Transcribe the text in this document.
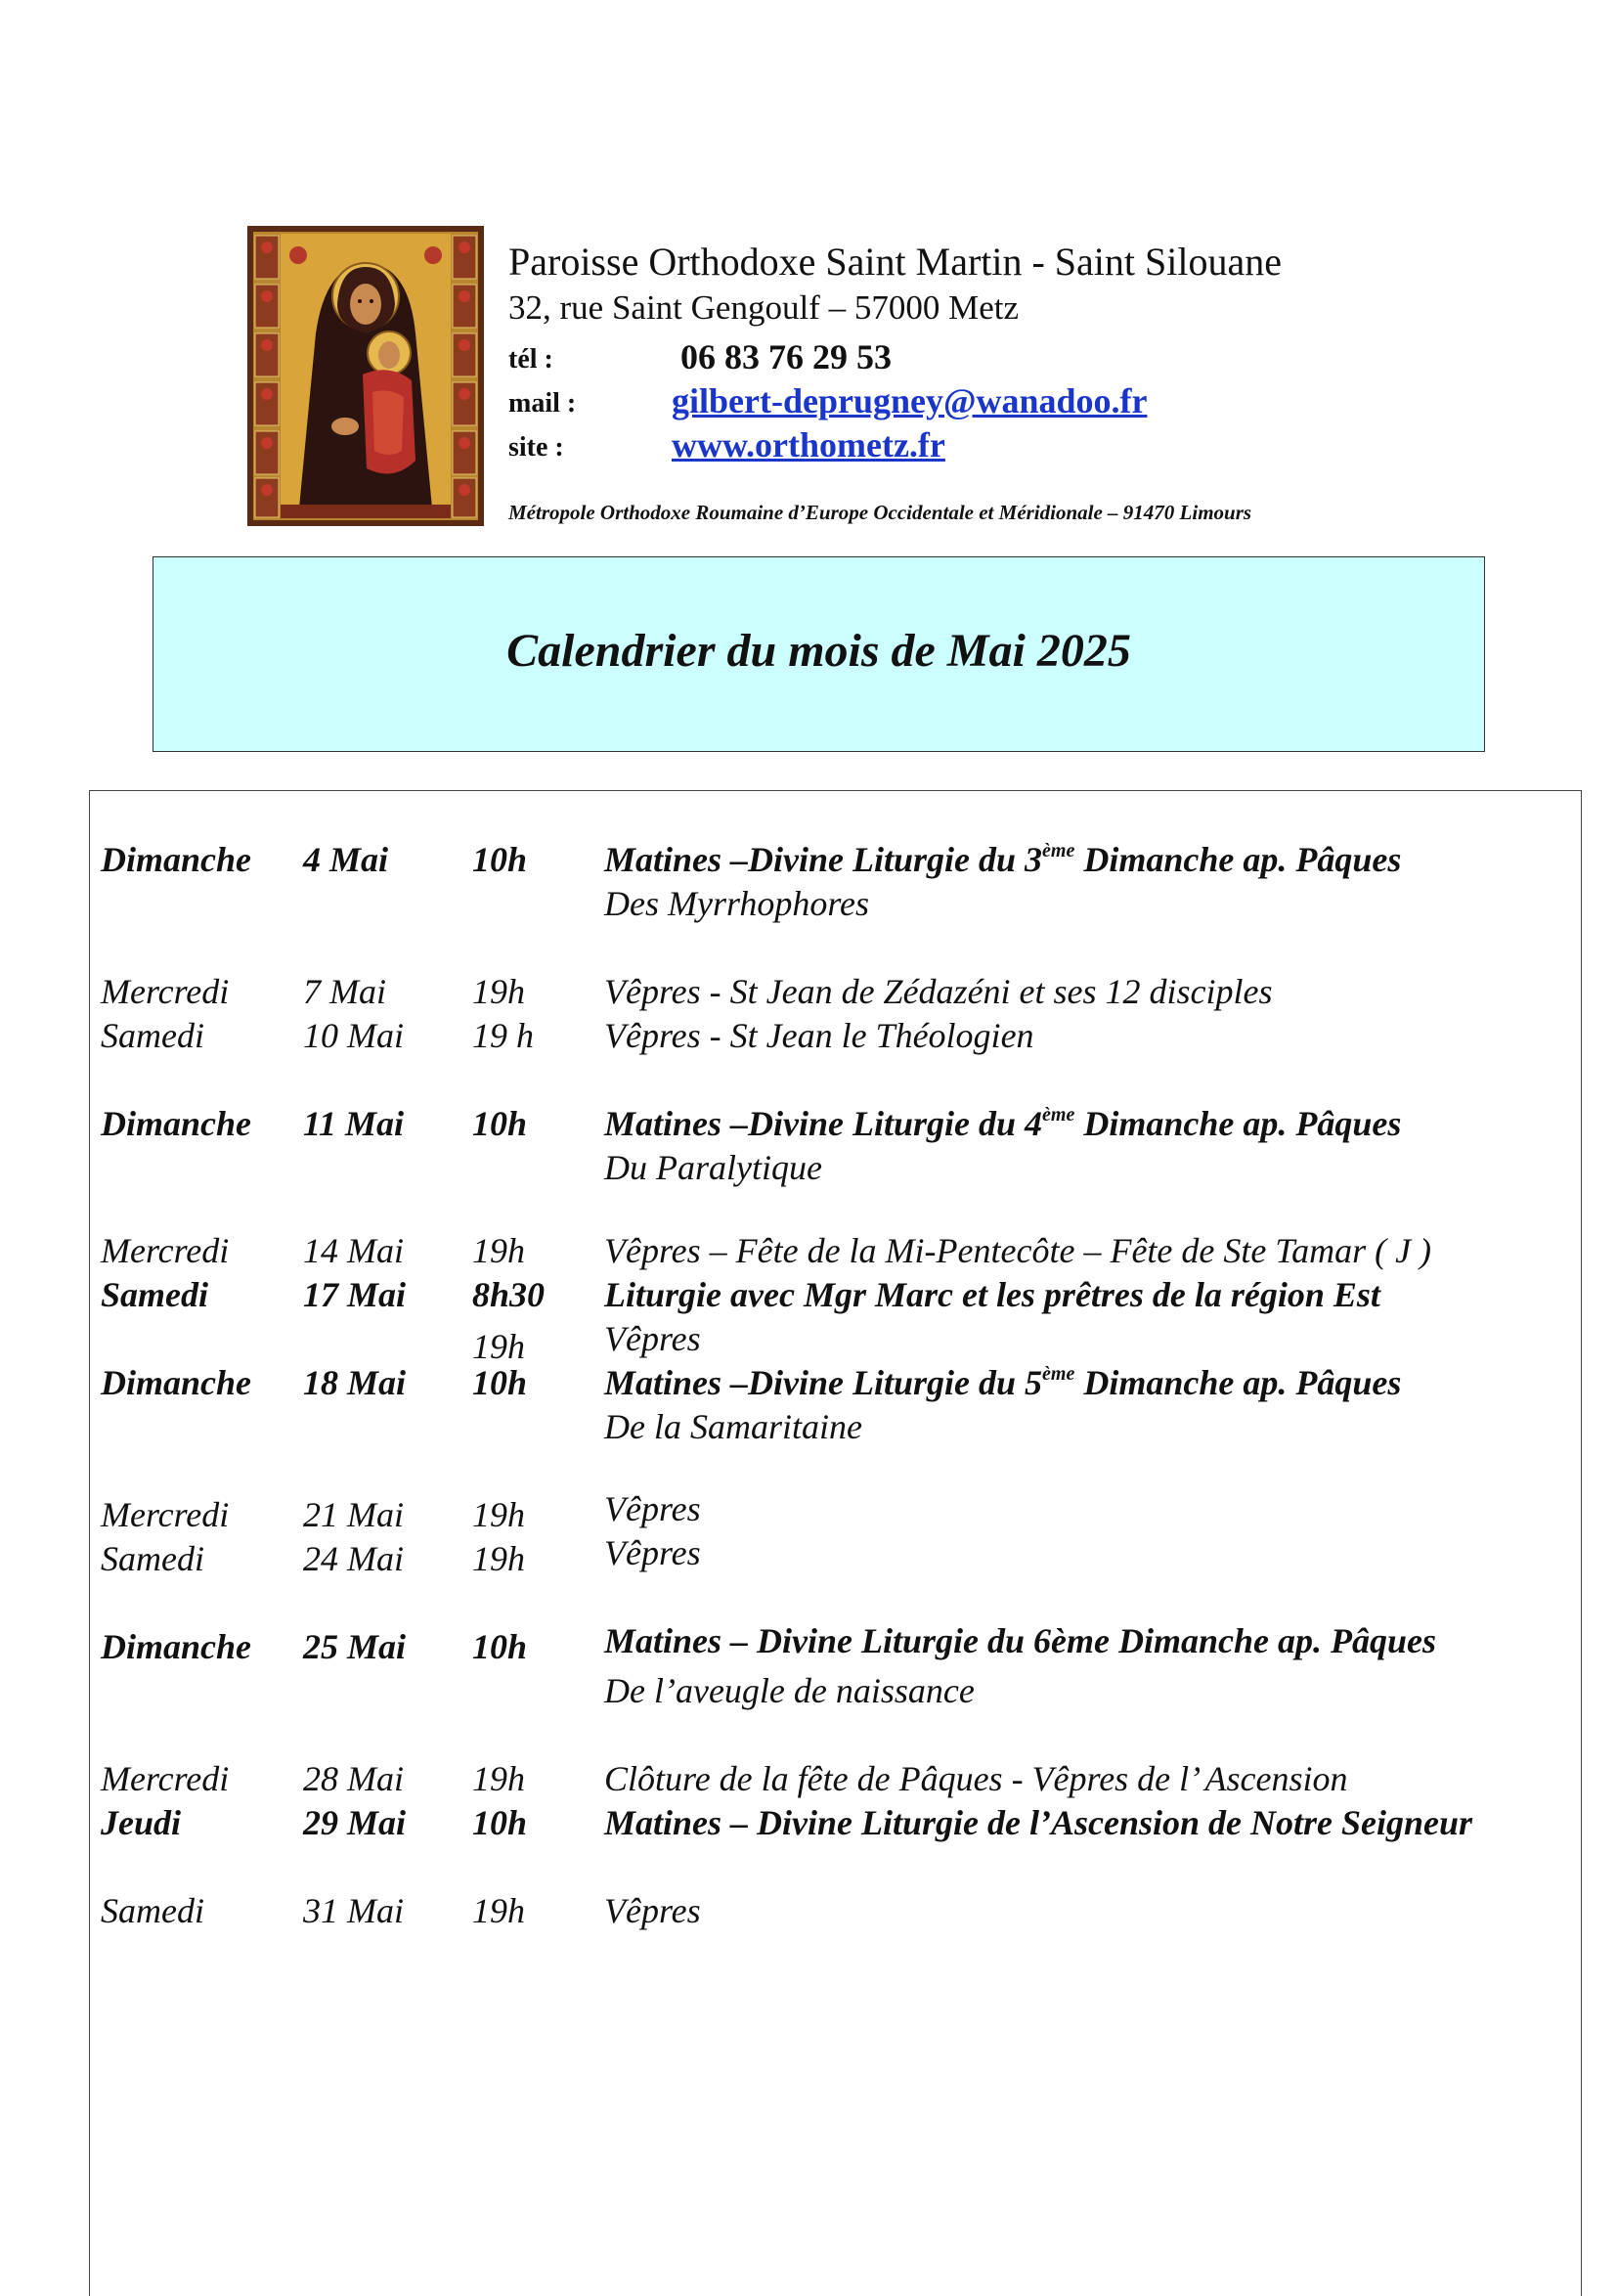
Paroisse Orthodoxe Saint Martin - Saint Silouane
32, rue Saint Gengoulf – 57000 Metz
tél :	06 83 76 29 53
mail :	gilbert-deprugney@wanadoo.fr
site :	www.orthometz.fr
Métropole Orthodoxe Roumaine d’Europe Occidentale et Méridionale – 91470 Limours
Calendrier du mois de Mai 2025
Dimanche 4 Mai 10h Matines –Divine Liturgie du 3ème Dimanche ap. Pâques
Des Myrrhophores
Mercredi 7 Mai 19h Vêpres - St Jean de Zédazéni et ses 12 disciples
Samedi	10 Mai 19 h Vêpres - St Jean le Théologien
Dimanche 11 Mai 10h Matines –Divine Liturgie du 4ème Dimanche ap. Pâques
Du Paralytique
Mercredi 14 Mai 19h Vêpres – Fête de la Mi-Pentecôte – Fête de Ste Tamar ( J )
Samedi	17 Mai 8h30 Liturgie avec Mgr Marc et les prêtres de la région Est
19h Vêpres
Dimanche 18 Mai 10h Matines –Divine Liturgie du 5ème Dimanche ap. Pâques
De la Samaritaine
Mercredi 21 Mai 19h Vêpres
Samedi	24 Mai 19h Vêpres
Dimanche 25 Mai 10h Matines – Divine Liturgie du 6ème Dimanche ap. Pâques
De l’aveugle de naissance
Mercredi 28 Mai 19h Clôture de la fête de Pâques - Vêpres de l’ Ascension
Jeudi	29 Mai 10h Matines – Divine Liturgie de l’Ascension de Notre Seigneur
Samedi	31 Mai 19h Vêpres
